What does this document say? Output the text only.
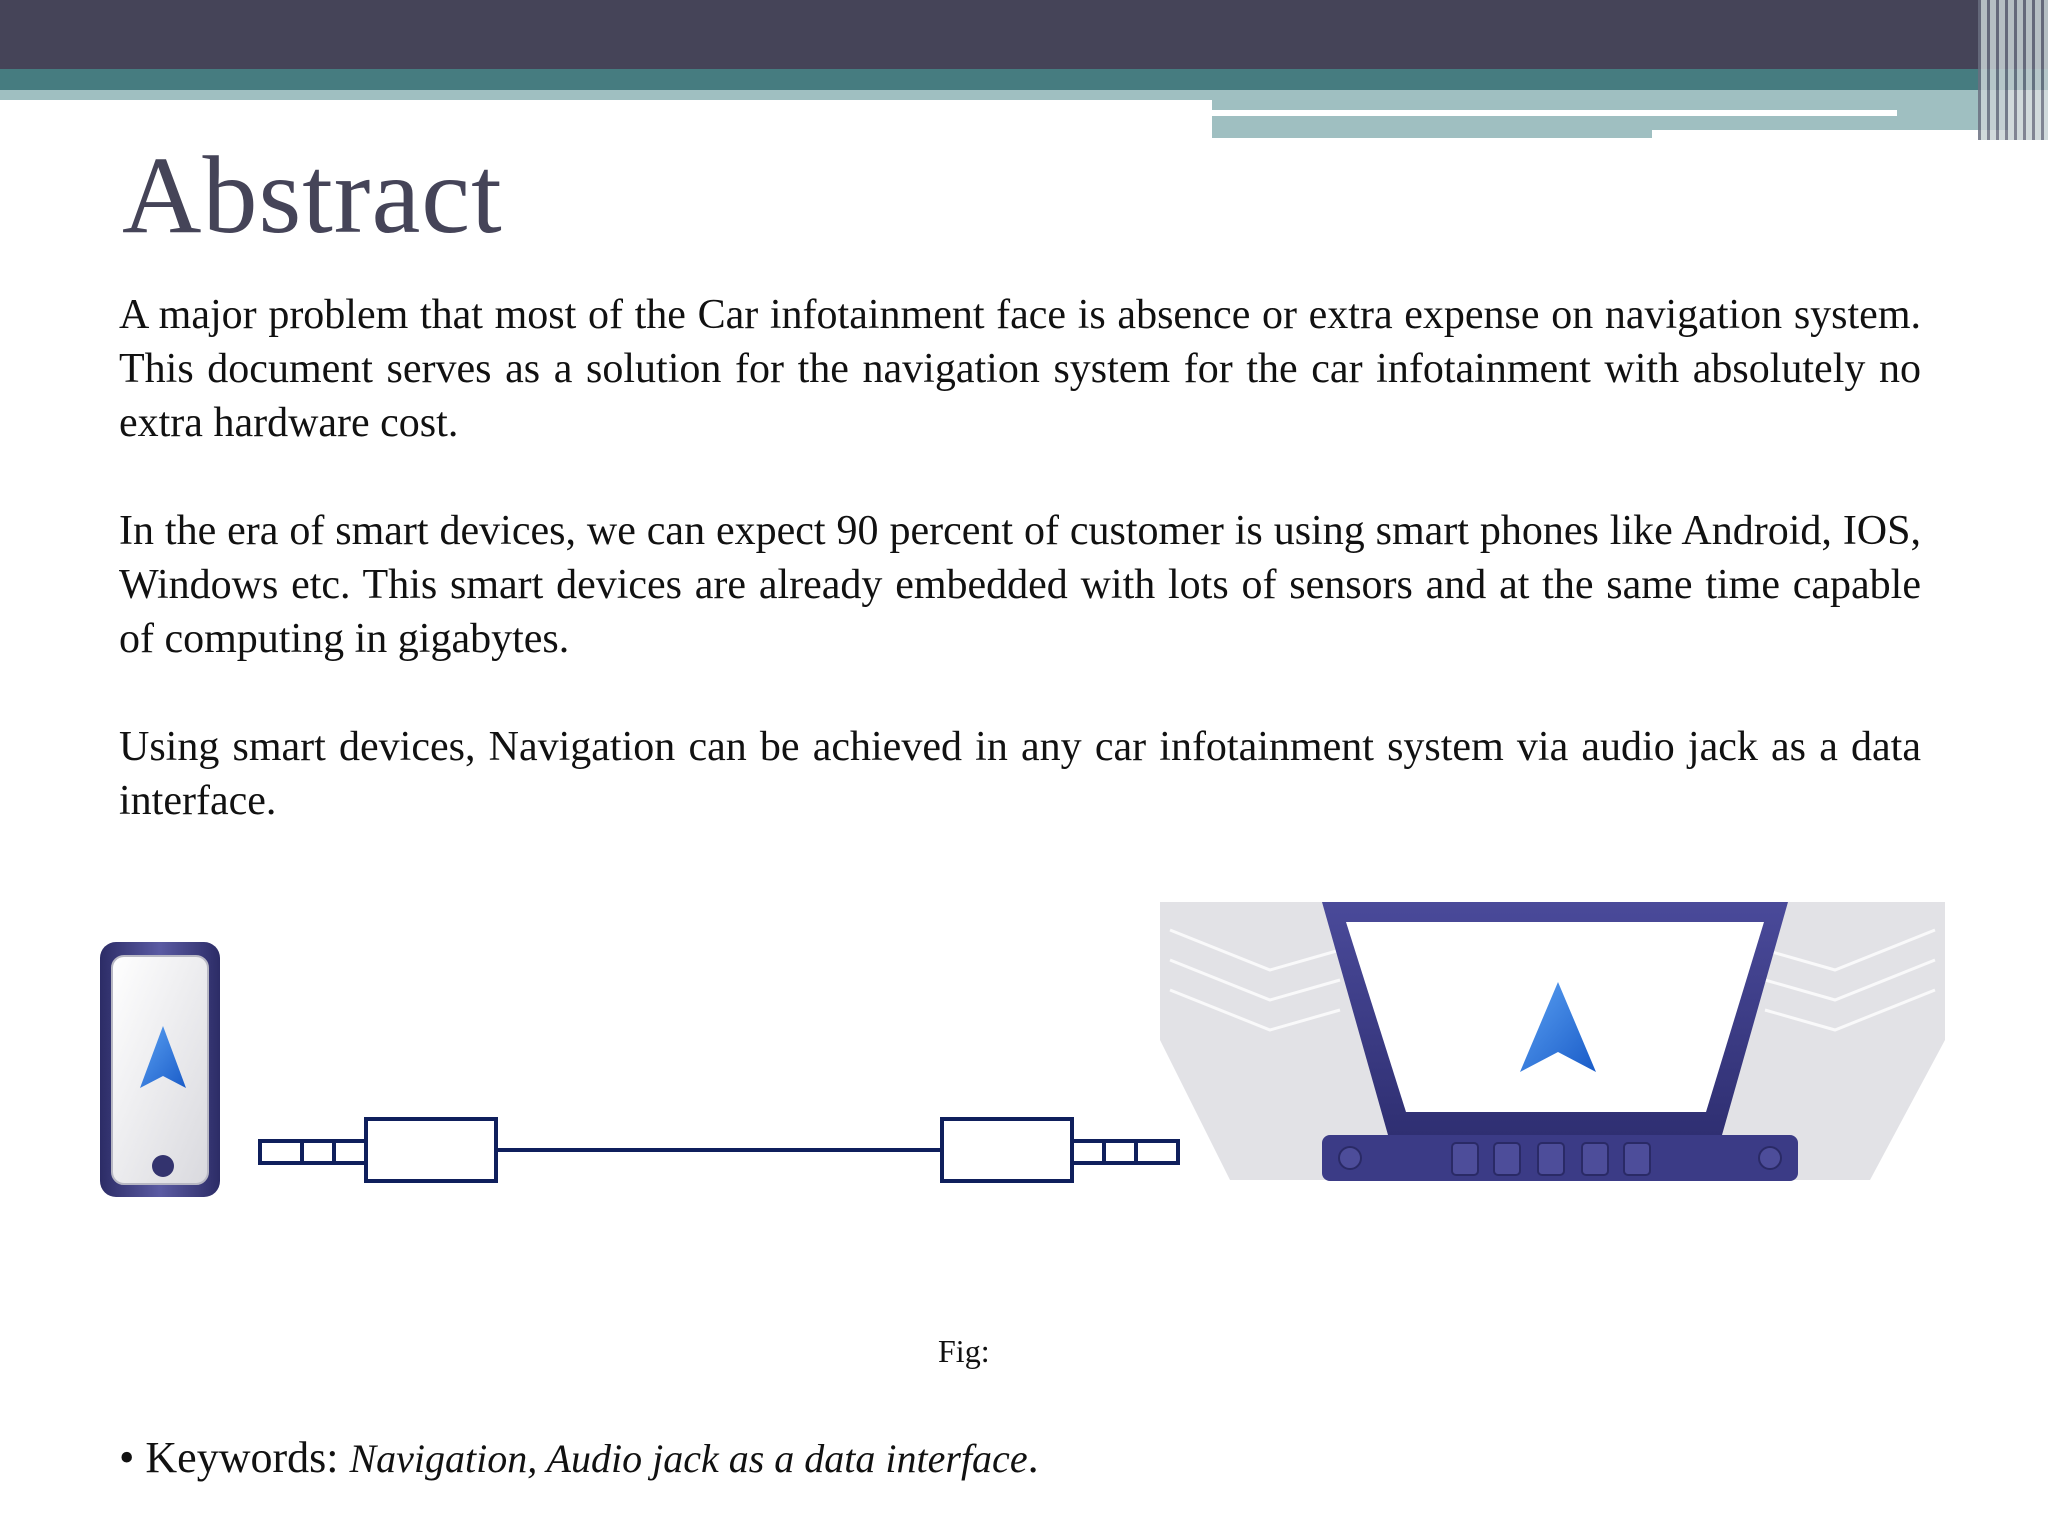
Abstract

A major problem that most of the Car infotainment face is absence or extra expense on navigation system. This document serves as a solution for the navigation system for the car infotainment with absolutely no extra hardware cost.

In the era of smart devices, we can expect 90 percent of customer is using smart phones like Android, IOS, Windows etc. This smart devices are already embedded with lots of sensors and at the same time capable of computing in gigabytes.

Using smart devices, Navigation can be achieved in any car infotainment system via audio jack as a data interface.

Fig:
• Keywords: Navigation, Audio jack as a data interface.
